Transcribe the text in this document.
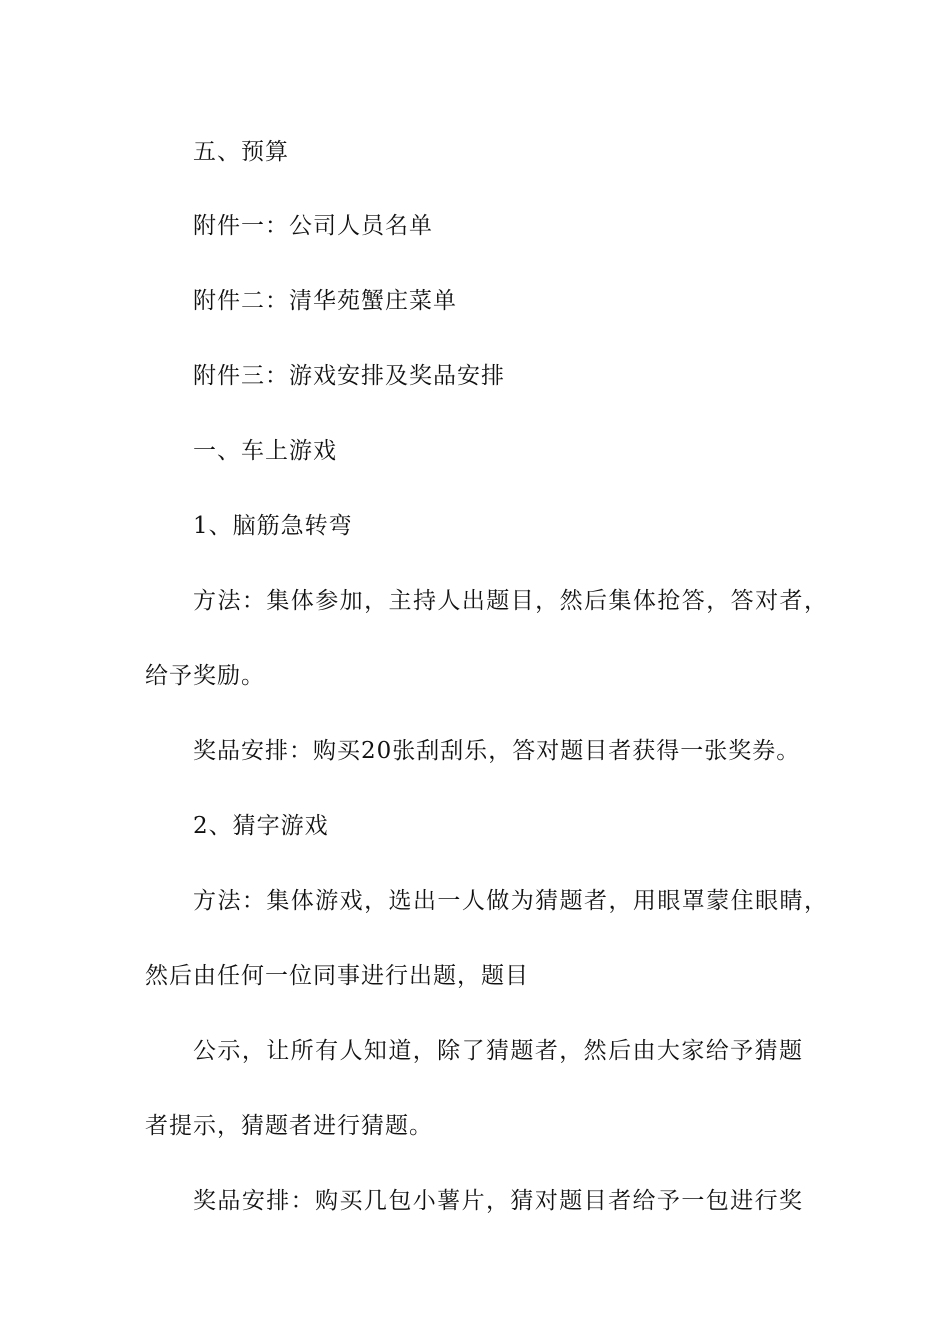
五、预算
附件一：公司人员名单
附件二：清华苑蟹庄菜单
附件三：游戏安排及奖品安排
一、车上游戏
1、脑筋急转弯
方法：集体参加，主持人出题目，然后集体抢答，答对者，
给予奖励。
奖品安排：购买20张刮刮乐，答对题目者获得一张奖券。
2、猜字游戏
方法：集体游戏，选出一人做为猜题者，用眼罩蒙住眼睛，
然后由任何一位同事进行出题，题目
公示，让所有人知道，除了猜题者，然后由大家给予猜题
者提示，猜题者进行猜题。
奖品安排：购买几包小薯片，猜对题目者给予一包进行奖
